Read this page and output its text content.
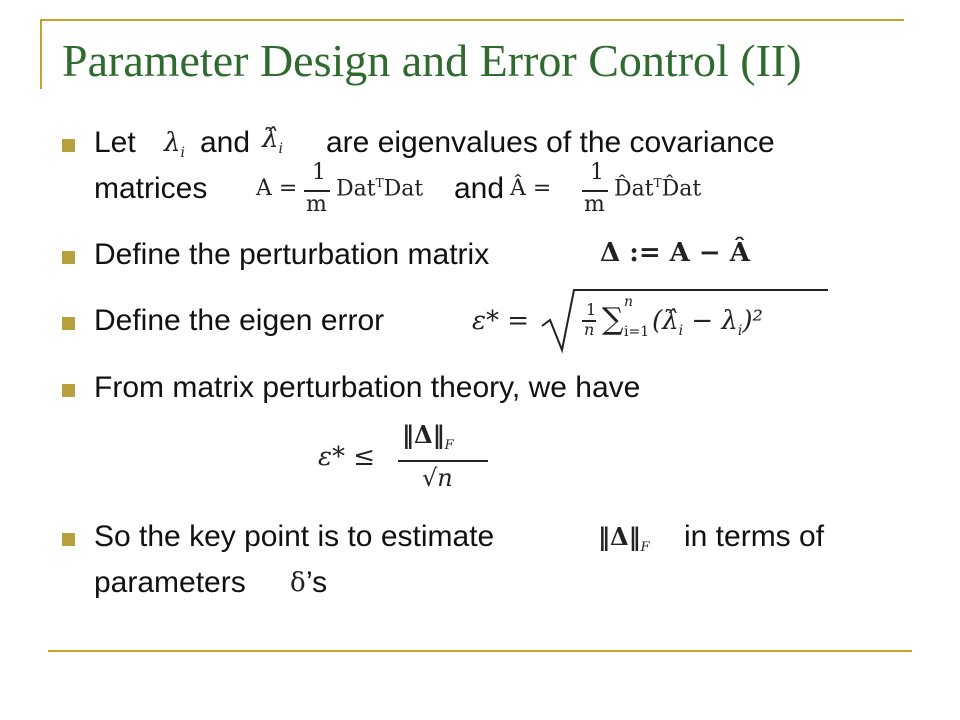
Parameter Design and Error Control (II)
Let $\lambda_i$ and $\lambdâ_i$ are eigenvalues of the covariance
matrices A =
1
m
Dat$^T$Dat and Â =
1
m
$D̂at^TD̂at$
Define the perturbation matrix	Δ := A − Â
Define the eigen error	ε* =	1
n ∑ n
i=1 $(\lambdâ_i - \lambda_i)^2$
From matrix perturbation theory, we have
ε* ≤
$‖\Delta‖_F$
√n
So the key point is to estimate	$‖\Delta‖_F$ in terms of
parameters δ ’s
